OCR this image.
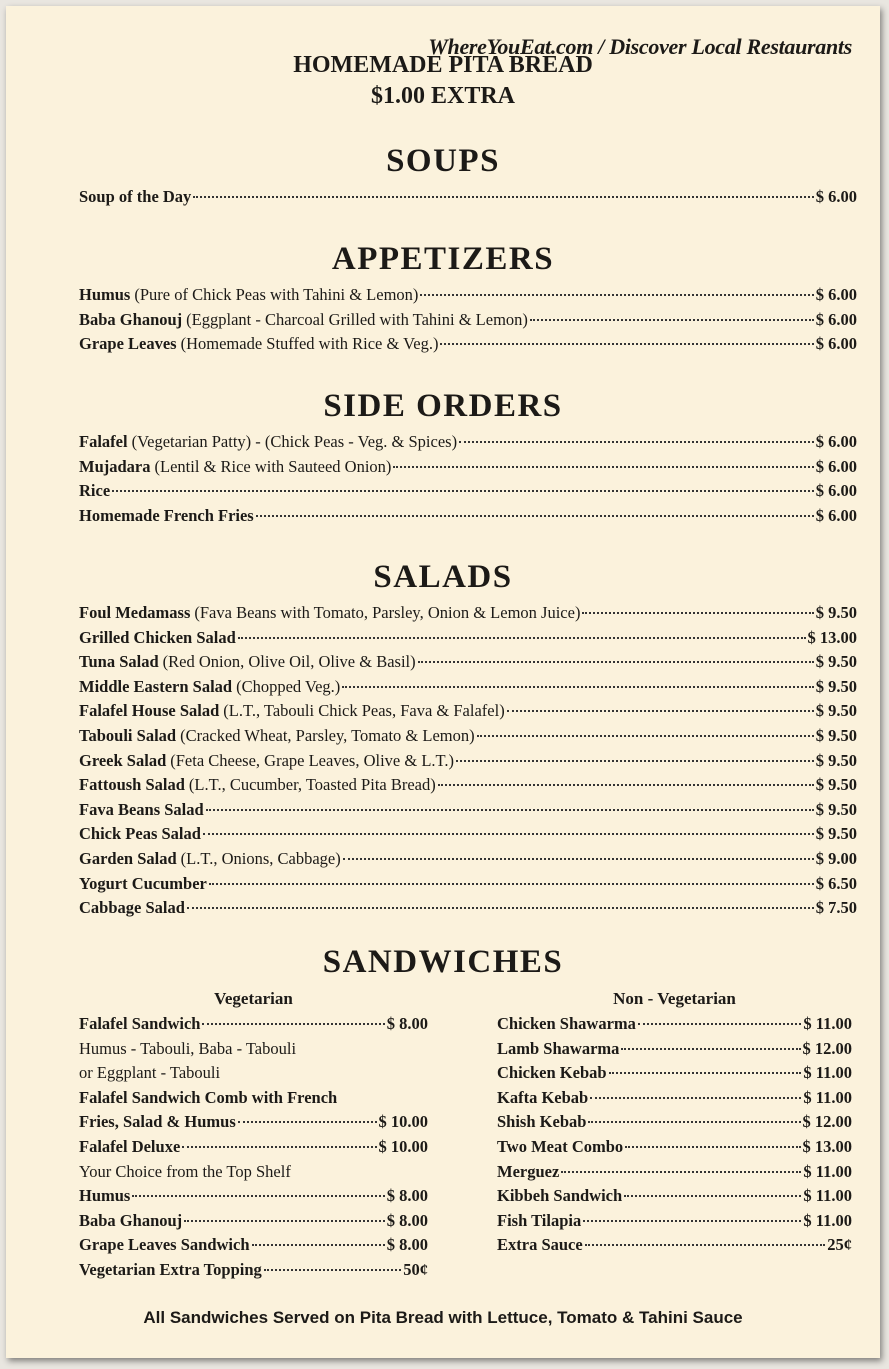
WhereYouEat.com / Discover Local Restaurants
HOMEMADE PITA BREAD
$1.00 EXTRA
SOUPS
Soup of the Day	$ 6.00
APPETIZERS
Humus (Pure of Chick Peas with Tahini & Lemon)	$ 6.00
Baba Ghanouj (Eggplant - Charcoal Grilled with Tahini & Lemon)	$ 6.00
Grape Leaves (Homemade Stuffed with Rice & Veg.)	$ 6.00
SIDE ORDERS
Falafel (Vegetarian Patty) - (Chick Peas - Veg. & Spices)	$ 6.00
Mujadara (Lentil & Rice with Sauteed Onion)	$ 6.00
Rice	$ 6.00
Homemade French Fries	$ 6.00
SALADS
Foul Medamass (Fava Beans with Tomato, Parsley, Onion & Lemon Juice)	$ 9.50
Grilled Chicken Salad	$ 13.00
Tuna Salad (Red Onion, Olive Oil, Olive & Basil)	$ 9.50
Middle Eastern Salad (Chopped Veg.)	$ 9.50
Falafel House Salad (L.T., Tabouli Chick Peas, Fava & Falafel)	$ 9.50
Tabouli Salad (Cracked Wheat, Parsley, Tomato & Lemon)	$ 9.50
Greek Salad (Feta Cheese, Grape Leaves, Olive & L.T.)	$ 9.50
Fattoush Salad (L.T., Cucumber, Toasted Pita Bread)	$ 9.50
Fava Beans Salad	$ 9.50
Chick Peas Salad	$ 9.50
Garden Salad (L.T., Onions, Cabbage)	$ 9.00
Yogurt Cucumber	$ 6.50
Cabbage Salad	$ 7.50
SANDWICHES
Vegetarian
Falafel Sandwich	$ 8.00
Humus - Tabouli, Baba - Tabouli
or Eggplant - Tabouli
Falafel Sandwich Comb with French
Fries, Salad & Humus	$ 10.00
Falafel Deluxe	$ 10.00
Your Choice from the Top Shelf
Humus	$ 8.00
Baba Ghanouj	$ 8.00
Grape Leaves Sandwich	$ 8.00
Vegetarian Extra Topping	50¢
Non - Vegetarian
Chicken Shawarma	$ 11.00
Lamb Shawarma	$ 12.00
Chicken Kebab	$ 11.00
Kafta Kebab	$ 11.00
Shish Kebab	$ 12.00
Two Meat Combo	$ 13.00
Merguez	$ 11.00
Kibbeh Sandwich	$ 11.00
Fish Tilapia	$ 11.00
Extra Sauce	25¢
All Sandwiches Served on Pita Bread with Lettuce, Tomato & Tahini Sauce
